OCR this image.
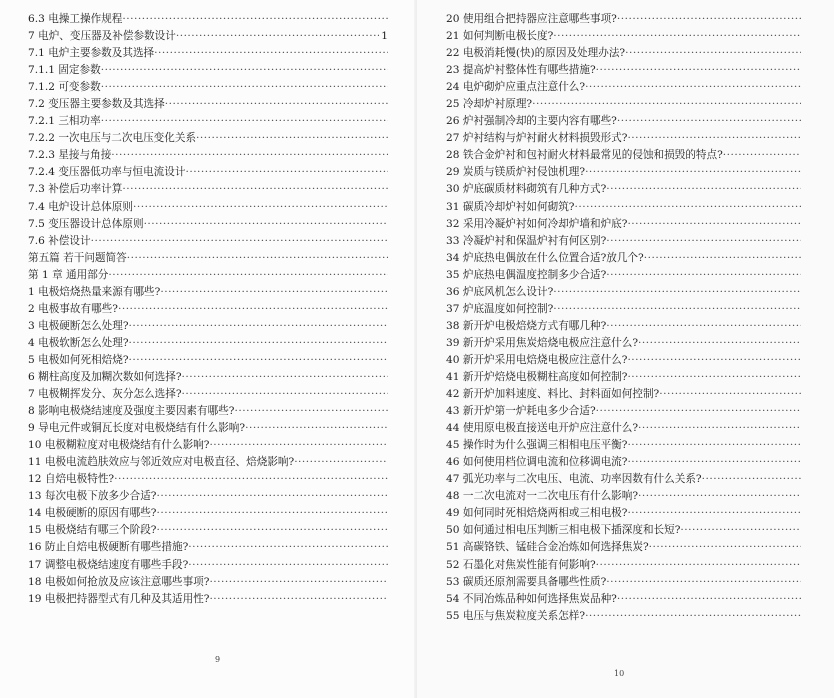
6.3 电操工操作规程
·····
7 电炉、变压器及补偿参数设计
·····	1
7.1 电炉主要参数及其选择
·····
7.1.1 固定参数
·····
7.1.2 可变参数
·····
7.2 变压器主要参数及其选择
·····
7.2.1 三相功率
·····
7.2.2 一次电压与二次电压变化关系
·····
7.2.3 星接与角接
·····
7.2.4 变压器低功率与恒电流设计
·····
7.3 补偿后功率计算
·····
7.4 电炉设计总体原则
·····
7.5 变压器设计总体原则
·····
7.6 补偿设计
·····
第五篇 若干问题简答
·····
第 1 章 通用部分
·····
1 电极焙烧热量来源有哪些?
·····
2 电极事故有哪些?
·····
3 电极硬断怎么处理?
·····
4 电极软断怎么处理?
·····
5 电极如何死相焙烧?
·····
6 糊柱高度及加糊次数如何选择?
·····
7 电极糊挥发分、灰分怎么选择?
·····
8 影响电极烧结速度及强度主要因素有哪些?
·····
9 导电元件或铜瓦长度对电极烧结有什么影响?
·····
10 电极糊粒度对电极烧结有什么影响?
·····
11 电极电流趋肤效应与邻近效应对电极直径、焙烧影响?
·····
12 自焙电极特性?
·····
13 每次电极下放多少合适?
·····
14 电极硬断的原因有哪些?
·····
15 电极烧结有哪三个阶段?
·····
16 防止自焙电极硬断有哪些措施?
·····
17 调整电极烧结速度有哪些手段?
·····
18 电极如何抢放及应该注意哪些事项?
·····
19 电极把持器型式有几种及其适用性?
·····
9
20 使用组合把持器应注意哪些事项?
·····
21 如何判断电极长度?
·····
22 电极消耗慢(快)的原因及处理办法?
·····
23 提高炉衬整体性有哪些措施?
·····
24 电炉砌炉应重点注意什么?
·····
25 冷却炉衬原理?
·····
26 炉衬强制冷却的主要内容有哪些?
·····
27 炉衬结构与炉衬耐火材料损毁形式?
·····
28 铁合金炉衬和包衬耐火材料最常见的侵蚀和损毁的特点?
·····
29 炭质与镁质炉衬侵蚀机理?
·····
30 炉底碳质材料砌筑有几种方式?
·····
31 碳质冷却炉衬如何砌筑?
·····
32 采用冷凝炉衬如何冷却炉墙和炉底?
·····
33 冷凝炉衬和保温炉衬有何区别?
·····
34 炉底热电偶放在什么位置合适?放几个?
·····
35 炉底热电偶温度控制多少合适?
·····
36 炉底风机怎么设计?
·····
37 炉底温度如何控制?
·····
38 新开炉电极焙烧方式有哪几种?
·····
39 新开炉采用焦炭焙烧电极应注意什么?
·····
40 新开炉采用电焙烧电极应注意什么?
·····
41 新开炉焙烧电极糊柱高度如何控制?
·····
42 新开炉加料速度、料比、封料面如何控制?
·····
43 新开炉第一炉耗电多少合适?
·····
44 使用原电极直接送电开炉应注意什么?
·····
45 操作时为什么强调三相相电压平衡?
·····
46 如何使用档位调电流和位移调电流?
·····
47 弧光功率与二次电压、电流、功率因数有什么关系?
·····
48 一二次电流对一二次电压有什么影响?
·····
49 如何同时死相焙烧两相或三相电极?
·····
50 如何通过相电压判断三相电极下插深度和长短?
·····
51 高碳铬铁、锰硅合金冶炼如何选择焦炭?
·····
52 石墨化对焦炭性能有何影响?
·····
53 碳质还原剂需要具备哪些性质?
·····
54 不同冶炼品种如何选择焦炭品种?
·····
55 电压与焦炭粒度关系怎样?
·····
10
